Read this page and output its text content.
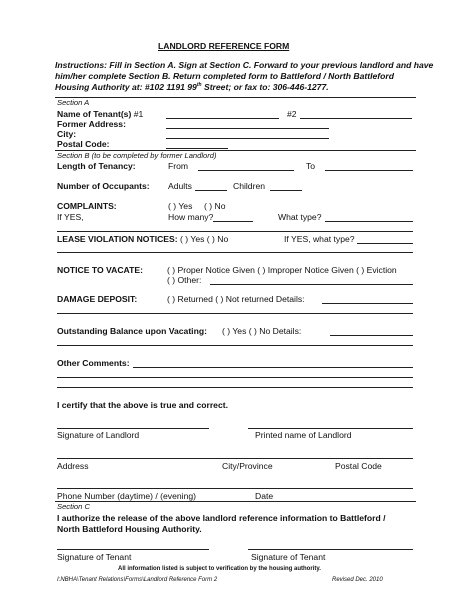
LANDLORD REFERENCE FORM
Instructions: Fill in Section A. Sign at Section C. Forward to your previous landlord and have
him/her complete Section B. Return completed form to Battleford / North Battleford
Housing Authority at: #102 1191 99th Street; or fax to: 306-446-1277.
Section A
Name of Tenant(s) #1	#2
Former Address:
City:
Postal Code:
Section B (to be completed by former Landlord)
Length of Tenancy:	From	To
Number of Occupants: Adults	Children
COMPLAINTS:	( ) Yes ( ) No
If YES,	How many?	What type?
LEASE VIOLATION NOTICES: ( ) Yes ( ) No	If YES, what type?
NOTICE TO VACATE:	( ) Proper Notice Given ( ) Improper Notice Given ( ) Eviction
( ) Other:
DAMAGE DEPOSIT:	( ) Returned ( ) Not returned Details:
Outstanding Balance upon Vacating: ( ) Yes ( ) No Details:
Other Comments:
I certify that the above is true and correct.
Signature of Landlord	Printed name of Landlord
Address	City/Province	Postal Code
Phone Number (daytime) / (evening)	Date
Section C
I authorize the release of the above landlord reference information to Battleford /
North Battleford Housing Authority.
Signature of Tenant	Signature of Tenant
All information listed is subject to verification by the housing authority.
I:NBHA\Tenant Relations\Forms\Landlord Reference Form 2	Revised Dec. 2010
